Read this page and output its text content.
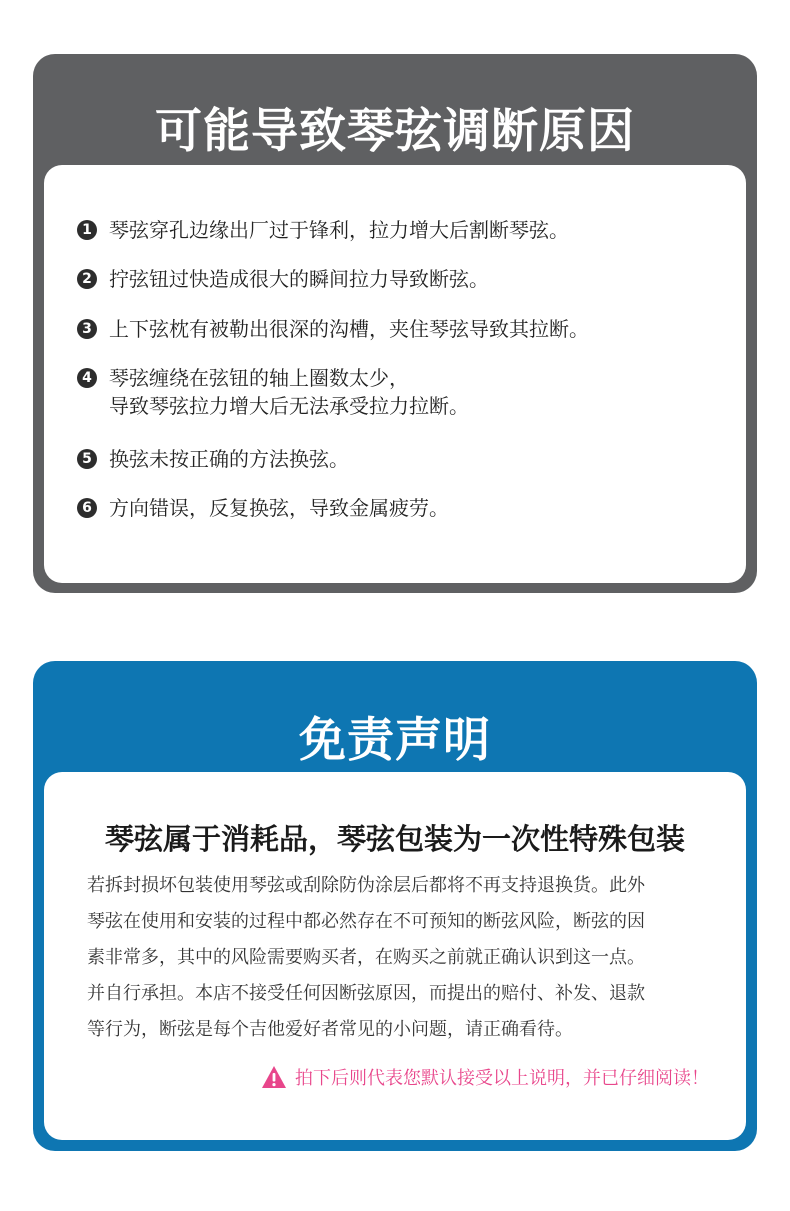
可能导致琴弦调断原因
1 琴弦穿孔边缘出厂过于锋利，拉力增大后割断琴弦。
2 拧弦钮过快造成很大的瞬间拉力导致断弦。
3 上下弦枕有被勒出很深的沟槽，夹住琴弦导致其拉断。
4 琴弦缠绕在弦钮的轴上圈数太少，
导致琴弦拉力增大后无法承受拉力拉断。
5 换弦未按正确的方法换弦。
6 方向错误，反复换弦，导致金属疲劳。
免责声明
琴弦属于消耗品，琴弦包装为一次性特殊包装

若拆封损坏包装使用琴弦或刮除防伪涂层后都将不再支持退换货。此外
琴弦在使用和安装的过程中都必然存在不可预知的断弦风险，断弦的因
素非常多，其中的风险需要购买者，在购买之前就正确认识到这一点。
并自行承担。本店不接受任何因断弦原因，而提出的赔付、补发、退款
等行为，断弦是每个吉他爱好者常见的小问题，请正确看待。

拍下后则代表您默认接受以上说明，并已仔细阅读！
